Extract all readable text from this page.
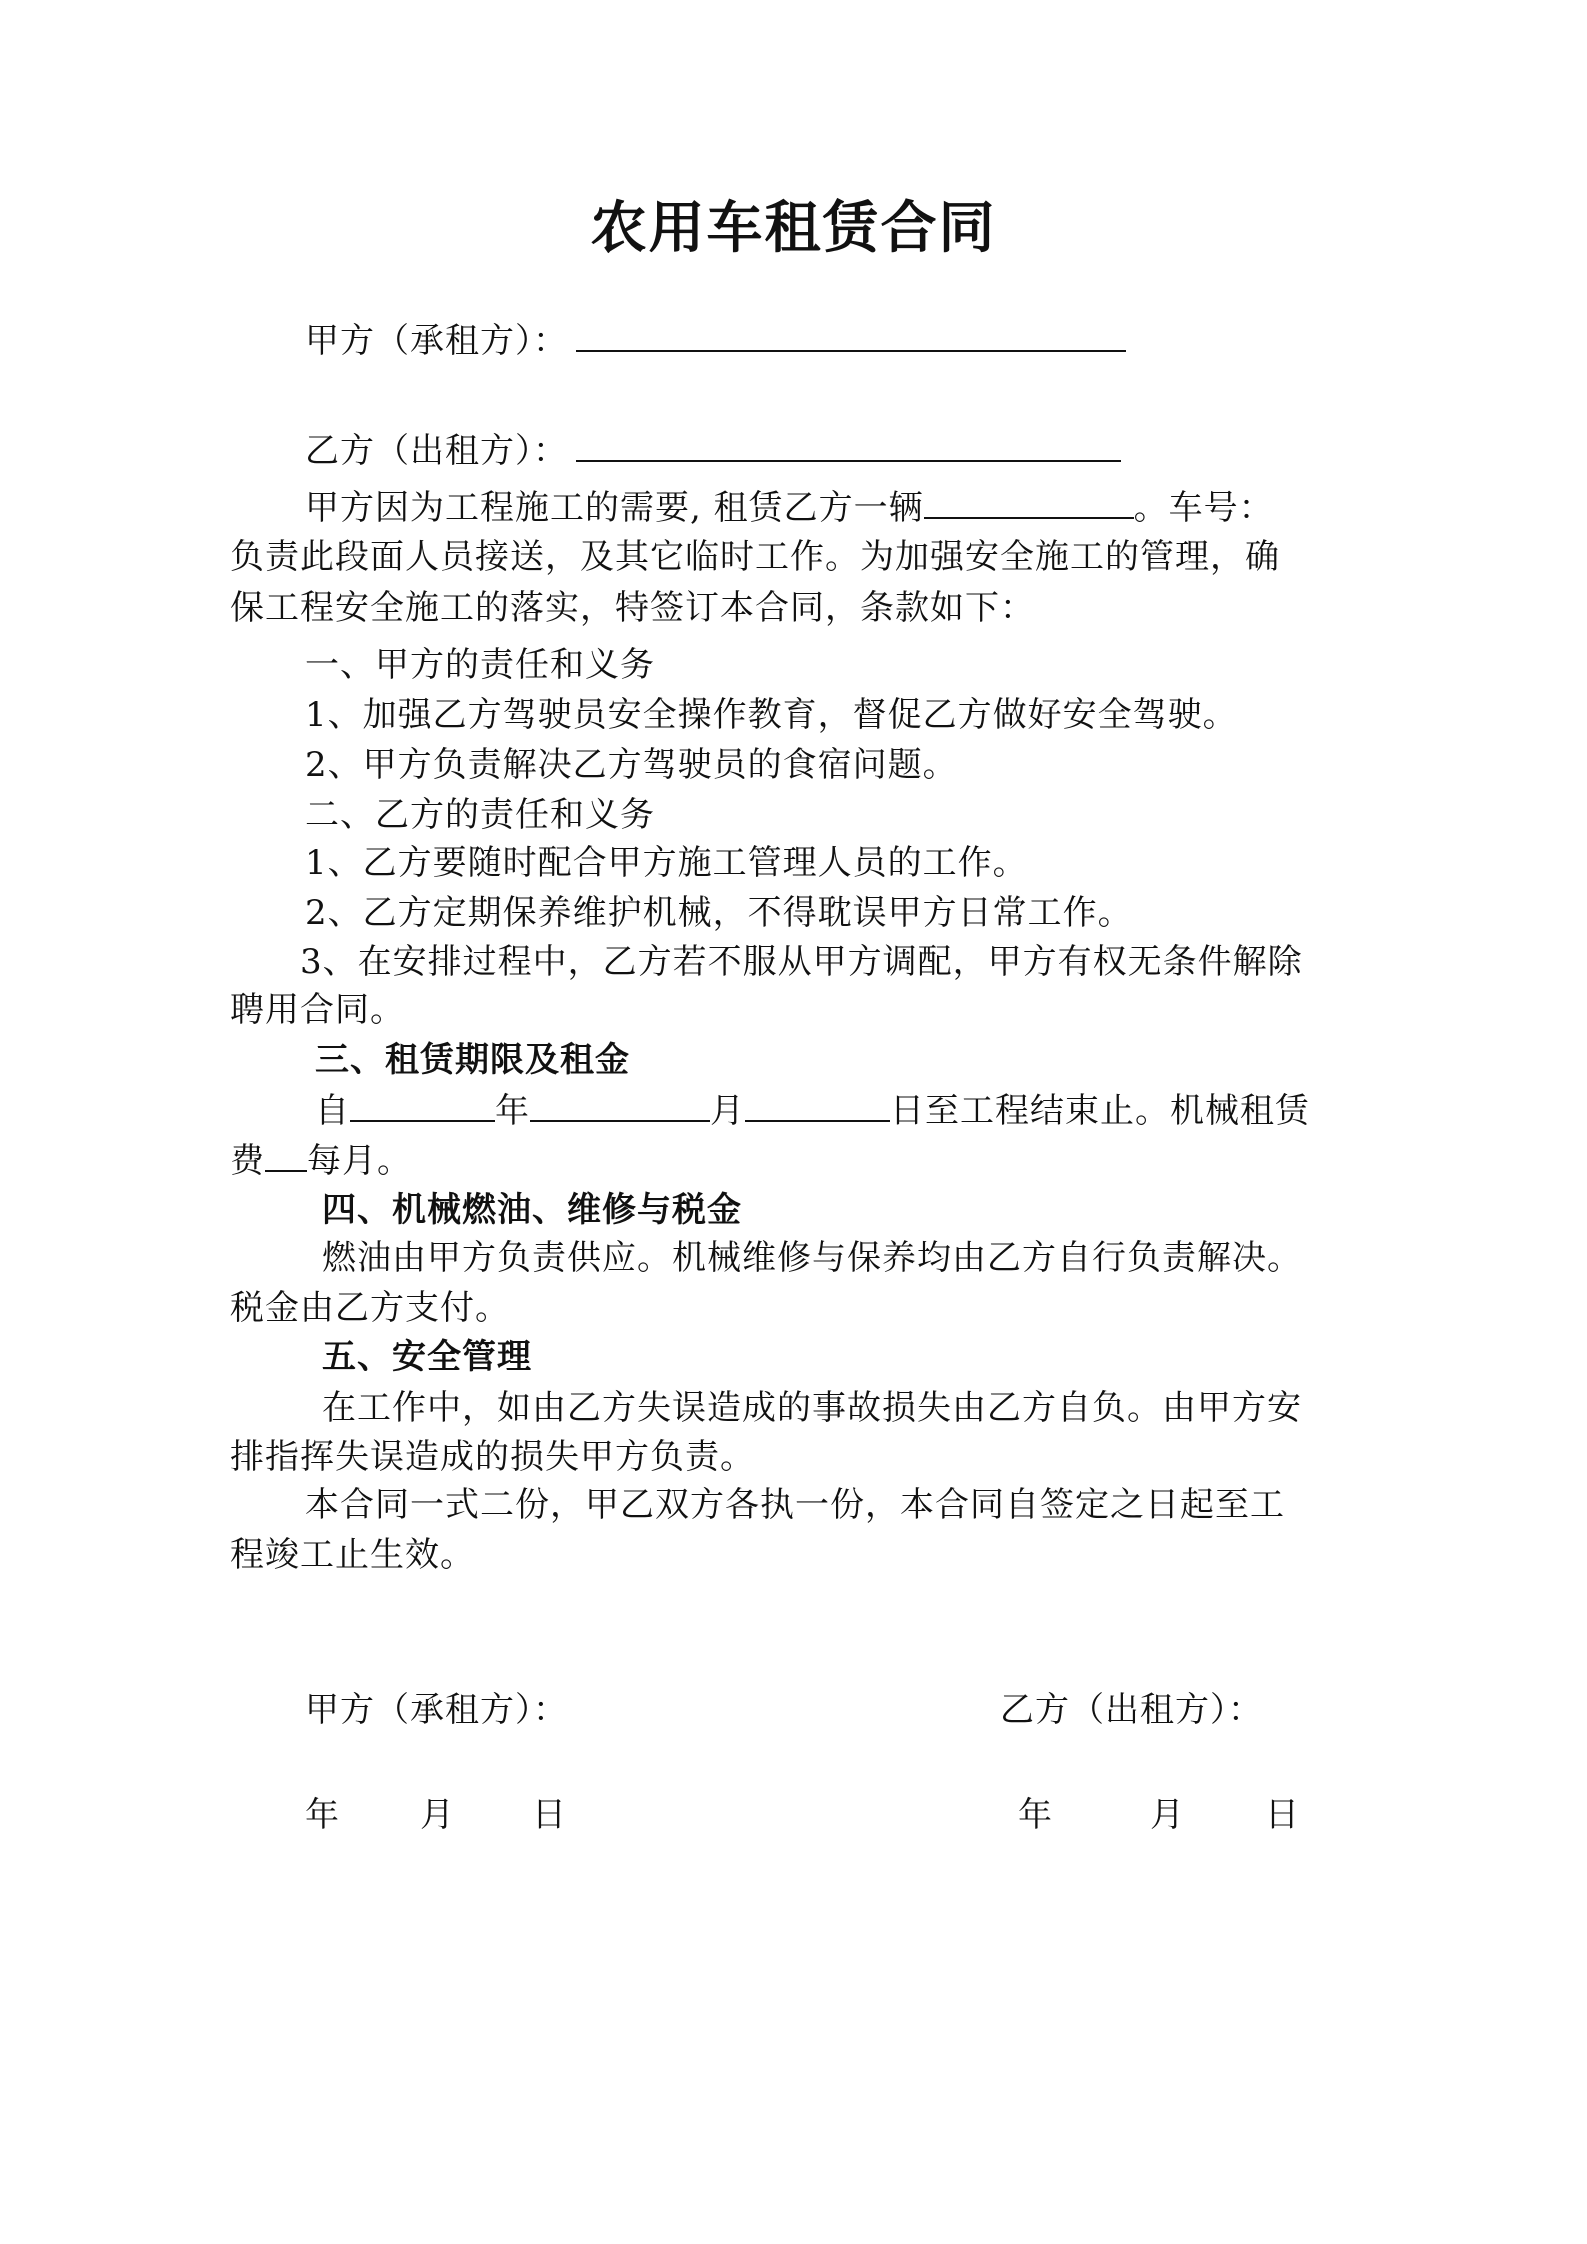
农用车租赁合同
甲方（承租方）：
乙方（出租方）：
甲方因为工程施工的需要, 租赁乙方一辆	。车号：
负责此段面人员接送，及其它临时工作。为加强安全施工的管理，确
保工程安全施工的落实，特签订本合同，条款如下：
一、甲方的责任和义务
1、加强乙方驾驶员安全操作教育，督促乙方做好安全驾驶。
2、甲方负责解决乙方驾驶员的食宿问题。
二、乙方的责任和义务
1、乙方要随时配合甲方施工管理人员的工作。
2、乙方定期保养维护机械，不得耽误甲方日常工作。
3、在安排过程中，乙方若不服从甲方调配，甲方有权无条件解除
聘用合同。
三、租赁期限及租金
自	年	月	日至工程结束止。机械租赁
费 每月。
四、机械燃油、维修与税金
燃油由甲方负责供应。机械维修与保养均由乙方自行负责解决。
税金由乙方支付。
五、安全管理
在工作中，如由乙方失误造成的事故损失由乙方自负。由甲方安
排指挥失误造成的损失甲方负责。
本合同一式二份，甲乙双方各执一份，本合同自签定之日起至工
程竣工止生效。
甲方（承租方）：	乙方（出租方）：
年 月 日	年	月 日
